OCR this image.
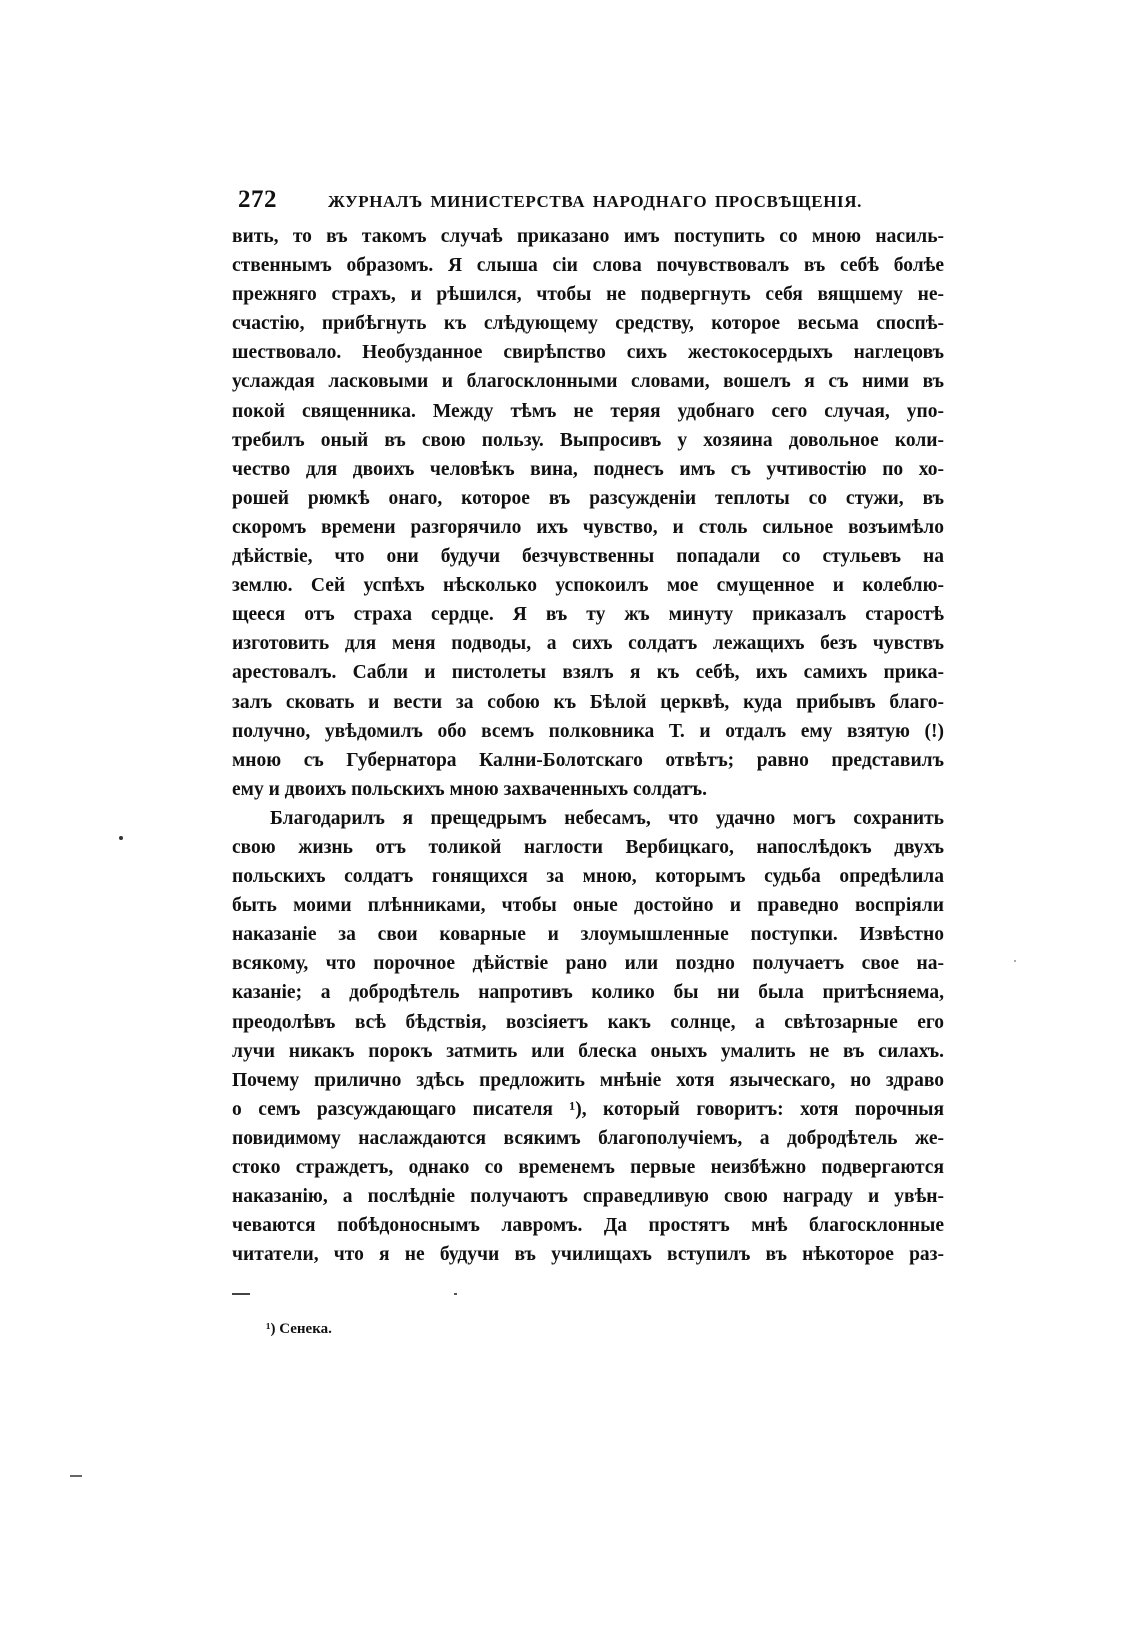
272	ЖУРНАЛЪ МИНИСТЕРСТВА НАРОДНАГО ПРОСВѢЩЕНІЯ.
вить, то въ такомъ случаѣ приказано имъ поступить со мною насиль-
ственнымъ образомъ. Я слыша сіи слова почувствовалъ въ себѣ болѣе
прежняго страхъ, и рѣшился, чтобы не подвергнуть себя вящшему не-
счастію, прибѣгнуть къ слѣдующему средству, которое весьма споспѣ-
шествовало. Необузданное свирѣпство сихъ жестокосердыхъ наглецовъ
услаждая ласковыми и благосклонными словами, вошелъ я съ ними въ
покой священника. Между тѣмъ не теряя удобнаго сего случая, упо-
требилъ оный въ свою пользу. Выпросивъ у хозяина довольное коли-
чество для двоихъ человѣкъ вина, поднесъ имъ съ учтивостію по хо-
рошей рюмкѣ онаго, которое въ разсужденіи теплоты со стужи, въ
скоромъ времени разгорячило ихъ чувство, и столь сильное возъимѣло
дѣйствіе, что они будучи безчувственны попадали со стульевъ на
землю. Сей успѣхъ нѣсколько успокоилъ мое смущенное и колеблю-
щееся отъ страха сердце. Я въ ту жъ минуту приказалъ старостѣ
изготовить для меня подводы, а сихъ солдатъ лежащихъ безъ чувствъ
арестовалъ. Сабли и пистолеты взялъ я къ себѣ, ихъ самихъ прика-
залъ сковать и вести за собою къ Бѣлой церквѣ, куда прибывъ благо-
получно, увѣдомилъ обо всемъ полковника Т. и отдалъ ему взятую (!)
мною съ Губернатора Кални-Болотскаго отвѣтъ; равно представилъ
ему и двоихъ польскихъ мною захваченныхъ солдатъ.
Благодарилъ я прещедрымъ небесамъ, что удачно могъ сохранить
свою жизнь отъ толикой наглости Вербицкаго, напослѣдокъ двухъ
польскихъ солдатъ гонящихся за мною, которымъ судьба опредѣлила
быть моими плѣнниками, чтобы оные достойно и праведно воспріяли
наказаніе за свои коварные и злоумышленные поступки. Извѣстно
всякому, что порочное дѣйствіе рано или поздно получаетъ свое на-
казаніе; а добродѣтель напротивъ колико бы ни была притѣсняема,
преодолѣвъ всѣ бѣдствія, возсіяетъ какъ солнце, а свѣтозарные его
лучи никакъ порокъ затмить или блеска оныхъ умалить не въ силахъ.
Почему прилично здѣсь предложить мнѣніе хотя языческаго, но здраво
о семъ разсуждающаго писателя ¹), который говоритъ: хотя порочныя
повидимому наслаждаются всякимъ благополучіемъ, а добродѣтель же-
стоко страждетъ, однако со временемъ первые неизбѣжно подвергаются
наказанію, а послѣдніе получаютъ справедливую свою награду и увѣн-
чеваются побѣдоноснымъ лавромъ. Да простятъ мнѣ благосклонные
читатели, что я не будучи въ училищахъ вступилъ въ нѣкоторое раз-
¹) Сенека.
